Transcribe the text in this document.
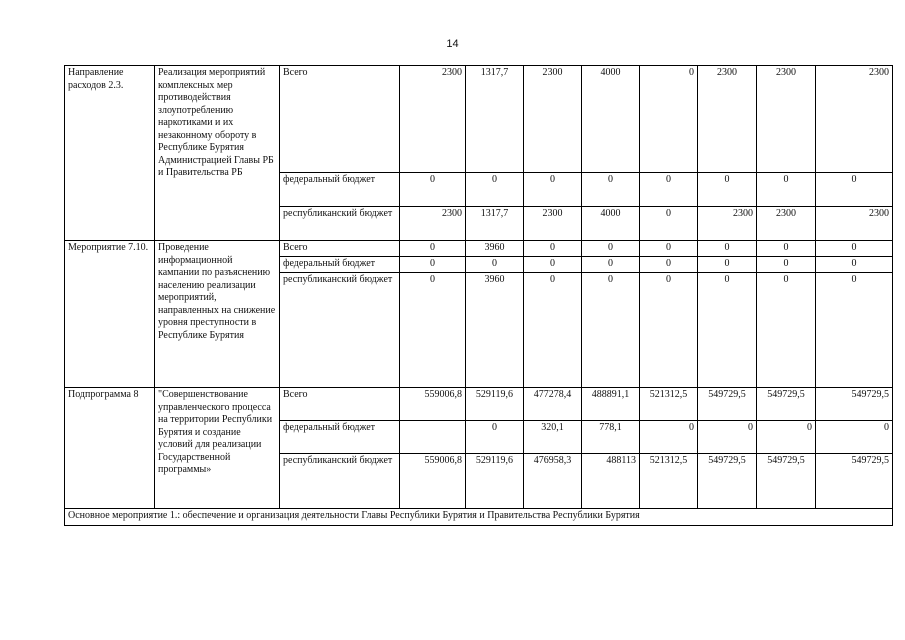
14
Направление расходов 2.3.	Реализация мероприятий комплексных мер противодействия злоупотреблению наркотиками и их незаконному обороту в Республике Бурятия Администрацией Главы РБ и Правительства РБ	Всего	2300	1317,7	2300	4000	0	2300	2300	2300
		федеральный бюджет	0	0	0	0	0	0	0	0
		республиканский бюджет	2300	1317,7	2300	4000	0	2300	2300	2300
Мероприятие 7.10.	Проведение информационной кампании по разъяснению населению реализации мероприятий, направленных на снижение уровня преступности в Республике Бурятия	Всего	0	3960	0	0	0	0	0	0
		федеральный бюджет	0	0	0	0	0	0	0	0
		республиканский бюджет	0	3960	0	0	0	0	0	0
Подпрограмма 8	"Совершенствование управленческого процесса на территории Республики Бурятия и создание условий для реализации Государственной программы»	Всего	559006,8	529119,6	477278,4	488891,1	521312,5	549729,5	549729,5	549729,5
		федеральный бюджет		0	320,1	778,1	0	0	0	0
		республиканский бюджет	559006,8	529119,6	476958,3	488113	521312,5	549729,5	549729,5	549729,5
Основное мероприятие 1.: обеспечение и организация деятельности Главы Республики Бурятия и Правительства Республики Бурятия										
